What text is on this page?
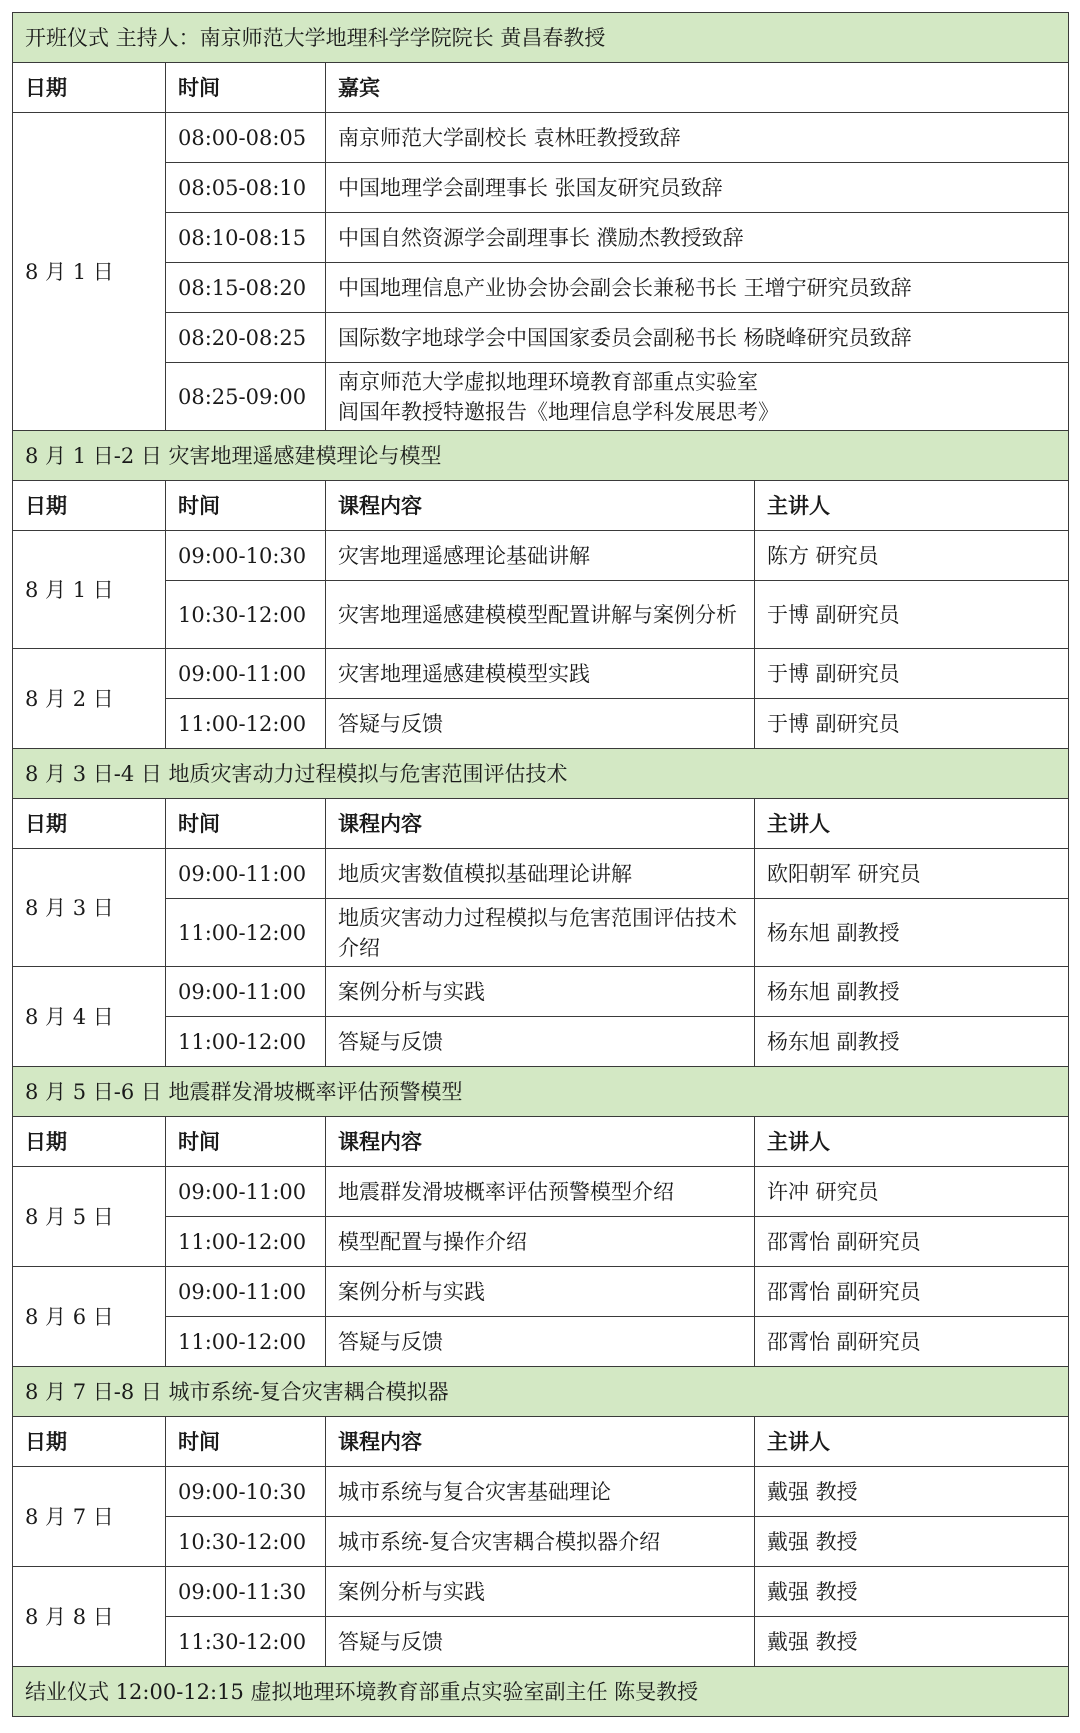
开班仪式 主持人：南京师范大学地理科学学院院长 黄昌春教授			
日期	时间	嘉宾	
8 月 1 日	08:00-08:05	南京师范大学副校长 袁林旺教授致辞	
	08:05-08:10	中国地理学会副理事长 张国友研究员致辞	
	08:10-08:15	中国自然资源学会副理事长 濮励杰教授致辞	
	08:15-08:20	中国地理信息产业协会协会副会长兼秘书长 王增宁研究员致辞	
	08:20-08:25	国际数字地球学会中国国家委员会副秘书长 杨晓峰研究员致辞	
	08:25-09:00	南京师范大学虚拟地理环境教育部重点实验室
闾国年教授特邀报告《地理信息学科发展思考》	

8 月 1 日-2 日 灾害地理遥感建模理论与模型			
日期	时间	课程内容	主讲人
8 月 1 日	09:00-10:30	灾害地理遥感理论基础讲解	陈方 研究员
	10:30-12:00	灾害地理遥感建模模型配置讲解与案例分析	于博 副研究员
8 月 2 日	09:00-11:00	灾害地理遥感建模模型实践	于博 副研究员
	11:00-12:00	答疑与反馈	于博 副研究员
8 月 3 日-4 日 地质灾害动力过程模拟与危害范围评估技术			
日期	时间	课程内容	主讲人
8 月 3 日	09:00-11:00	地质灾害数值模拟基础理论讲解	欧阳朝军 研究员
	11:00-12:00	地质灾害动力过程模拟与危害范围评估技术介绍	杨东旭 副教授
8 月 4 日	09:00-11:00	案例分析与实践	杨东旭 副教授
	11:00-12:00	答疑与反馈	杨东旭 副教授
8 月 5 日-6 日 地震群发滑坡概率评估预警模型			
日期	时间	课程内容	主讲人
8 月 5 日	09:00-11:00	地震群发滑坡概率评估预警模型介绍	许冲 研究员
	11:00-12:00	模型配置与操作介绍	邵霄怡 副研究员
8 月 6 日	09:00-11:00	案例分析与实践	邵霄怡 副研究员
	11:00-12:00	答疑与反馈	邵霄怡 副研究员
8 月 7 日-8 日 城市系统-复合灾害耦合模拟器			
日期	时间	课程内容	主讲人
8 月 7 日	09:00-10:30	城市系统与复合灾害基础理论	戴强 教授
	10:30-12:00	城市系统-复合灾害耦合模拟器介绍	戴强 教授
8 月 8 日	09:00-11:30	案例分析与实践	戴强 教授
	11:30-12:00	答疑与反馈	戴强 教授
结业仪式 12:00-12:15 虚拟地理环境教育部重点实验室副主任 陈旻教授			
